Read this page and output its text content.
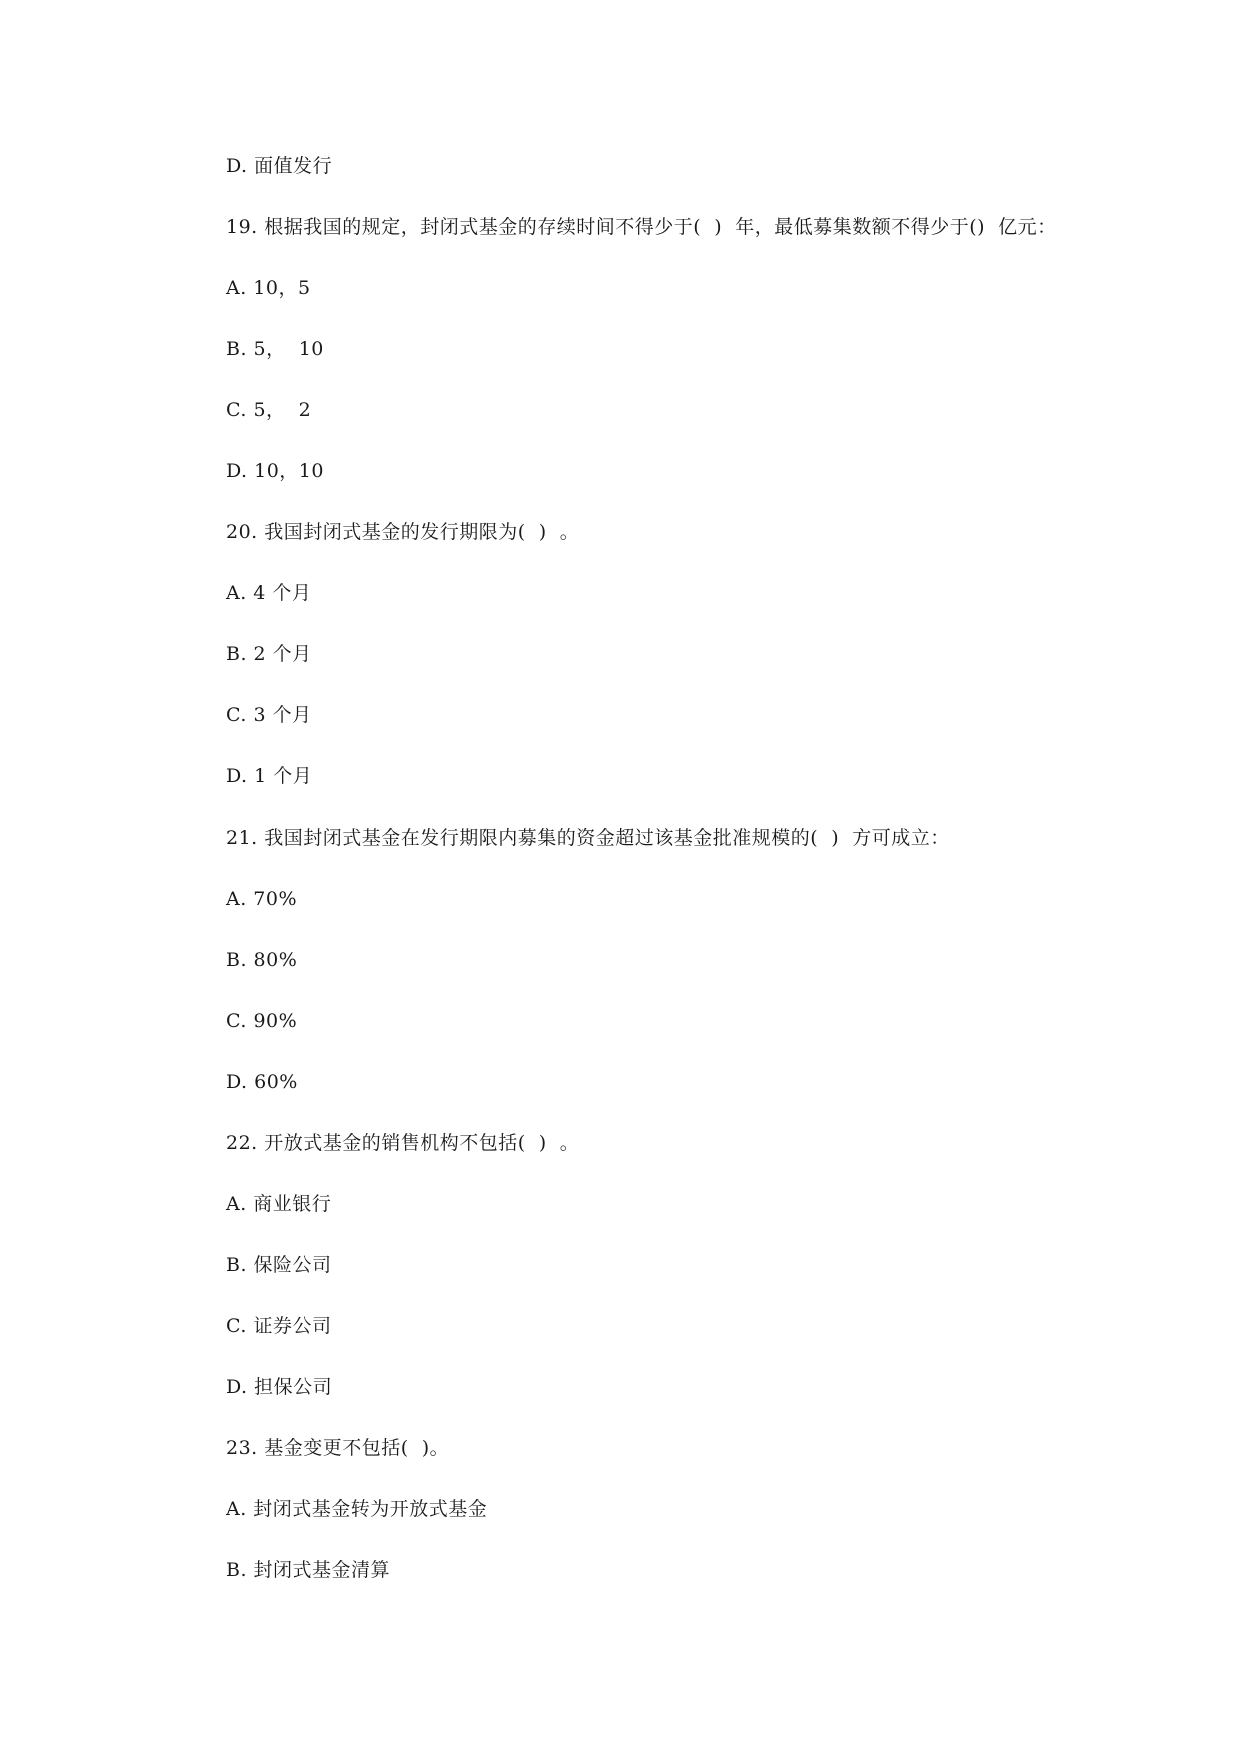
D. 面值发行
19. 根据我国的规定，封闭式基金的存续时间不得少于(  )  年，最低募集数额不得少于()  亿元：
A. 10，5
B. 5，  10
C. 5，  2
D. 10，10
20. 我国封闭式基金的发行期限为(  )  。
A. 4 个月
B. 2 个月
C. 3 个月
D. 1 个月
21. 我国封闭式基金在发行期限内募集的资金超过该基金批准规模的(  )  方可成立：
A. 70%
B. 80%
C. 90%
D. 60%
22. 开放式基金的销售机构不包括(  )  。
A. 商业银行
B. 保险公司
C. 证券公司
D. 担保公司
23. 基金变更不包括(  )。
A. 封闭式基金转为开放式基金
B. 封闭式基金清算
